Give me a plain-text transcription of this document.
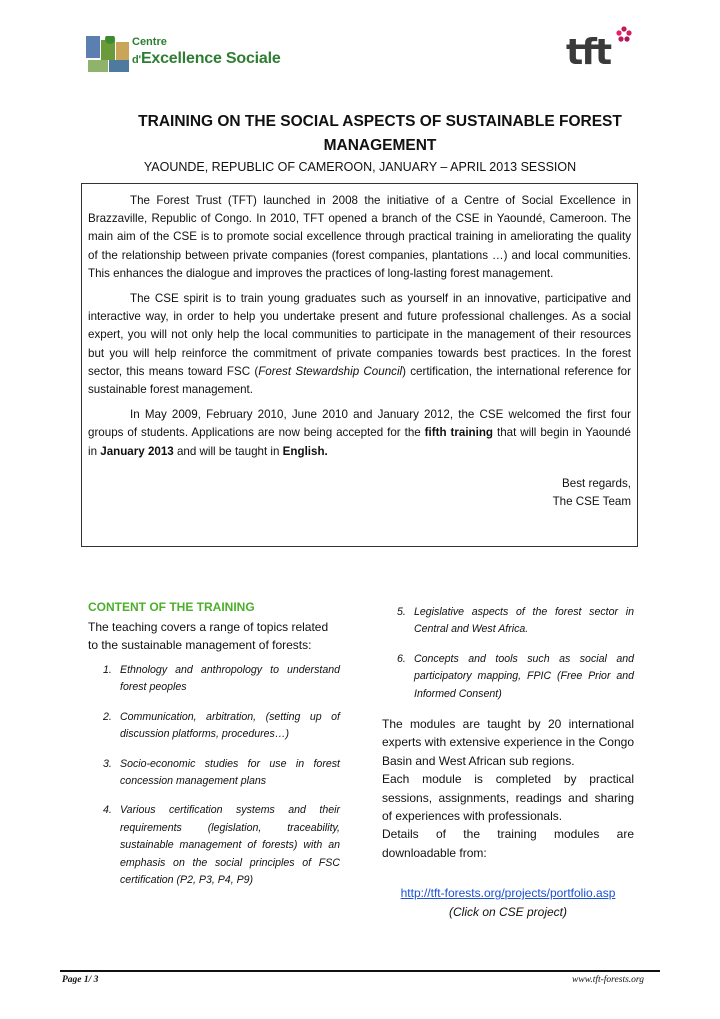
Centre
d'Excellence Sociale	tft
TRAINING ON THE SOCIAL ASPECTS OF SUSTAINABLE FOREST MANAGEMENT
YAOUNDE, REPUBLIC OF CAMEROON, JANUARY – APRIL 2013 SESSION

The Forest Trust (TFT) launched in 2008 the initiative of a Centre of Social Excellence in Brazzaville, Republic of Congo. In 2010, TFT opened a branch of the CSE in Yaoundé, Cameroon. The main aim of the CSE is to promote social excellence through practical training in ameliorating the quality of the relationship between private companies (forest companies, plantations …) and local communities. This enhances the dialogue and improves the practices of long-lasting forest management.

The CSE spirit is to train young graduates such as yourself in an innovative, participative and interactive way, in order to help you undertake present and future professional challenges. As a social expert, you will not only help the local communities to participate in the management of their resources but you will help reinforce the commitment of private companies towards best practices. In the forest sector, this means toward FSC (Forest Stewardship Council) certification, the international reference for sustainable forest management.

In May 2009, February 2010, June 2010 and January 2012, the CSE welcomed the first four groups of students. Applications are now being accepted for the fifth training that will begin in Yaoundé in January 2013 and will be taught in English.

Best regards,
The CSE Team

CONTENT OF THE TRAINING

The teaching covers a range of topics related to the sustainable management of forests:

1. Ethnology and anthropology to understand forest peoples
2. Communication, arbitration, (setting up of discussion platforms, procedures…)
3. Socio-economic studies for use in forest concession management plans
4. Various certification systems and their requirements (legislation, traceability, sustainable management of forests) with an emphasis on the social principles of FSC certification (P2, P3, P4, P9)
5. Legislative aspects of the forest sector in Central and West Africa.
6. Concepts and tools such as social and participatory mapping, FPIC (Free Prior and Informed Consent)

The modules are taught by 20 international experts with extensive experience in the Congo Basin and West African sub regions.

Each module is completed by practical sessions, assignments, readings and sharing of experiences with professionals.

Details of the training modules are downloadable from:

http://tft-forests.org/projects/portfolio.asp
(Click on CSE project)
Page 1/ 3	www.tft-forests.org
